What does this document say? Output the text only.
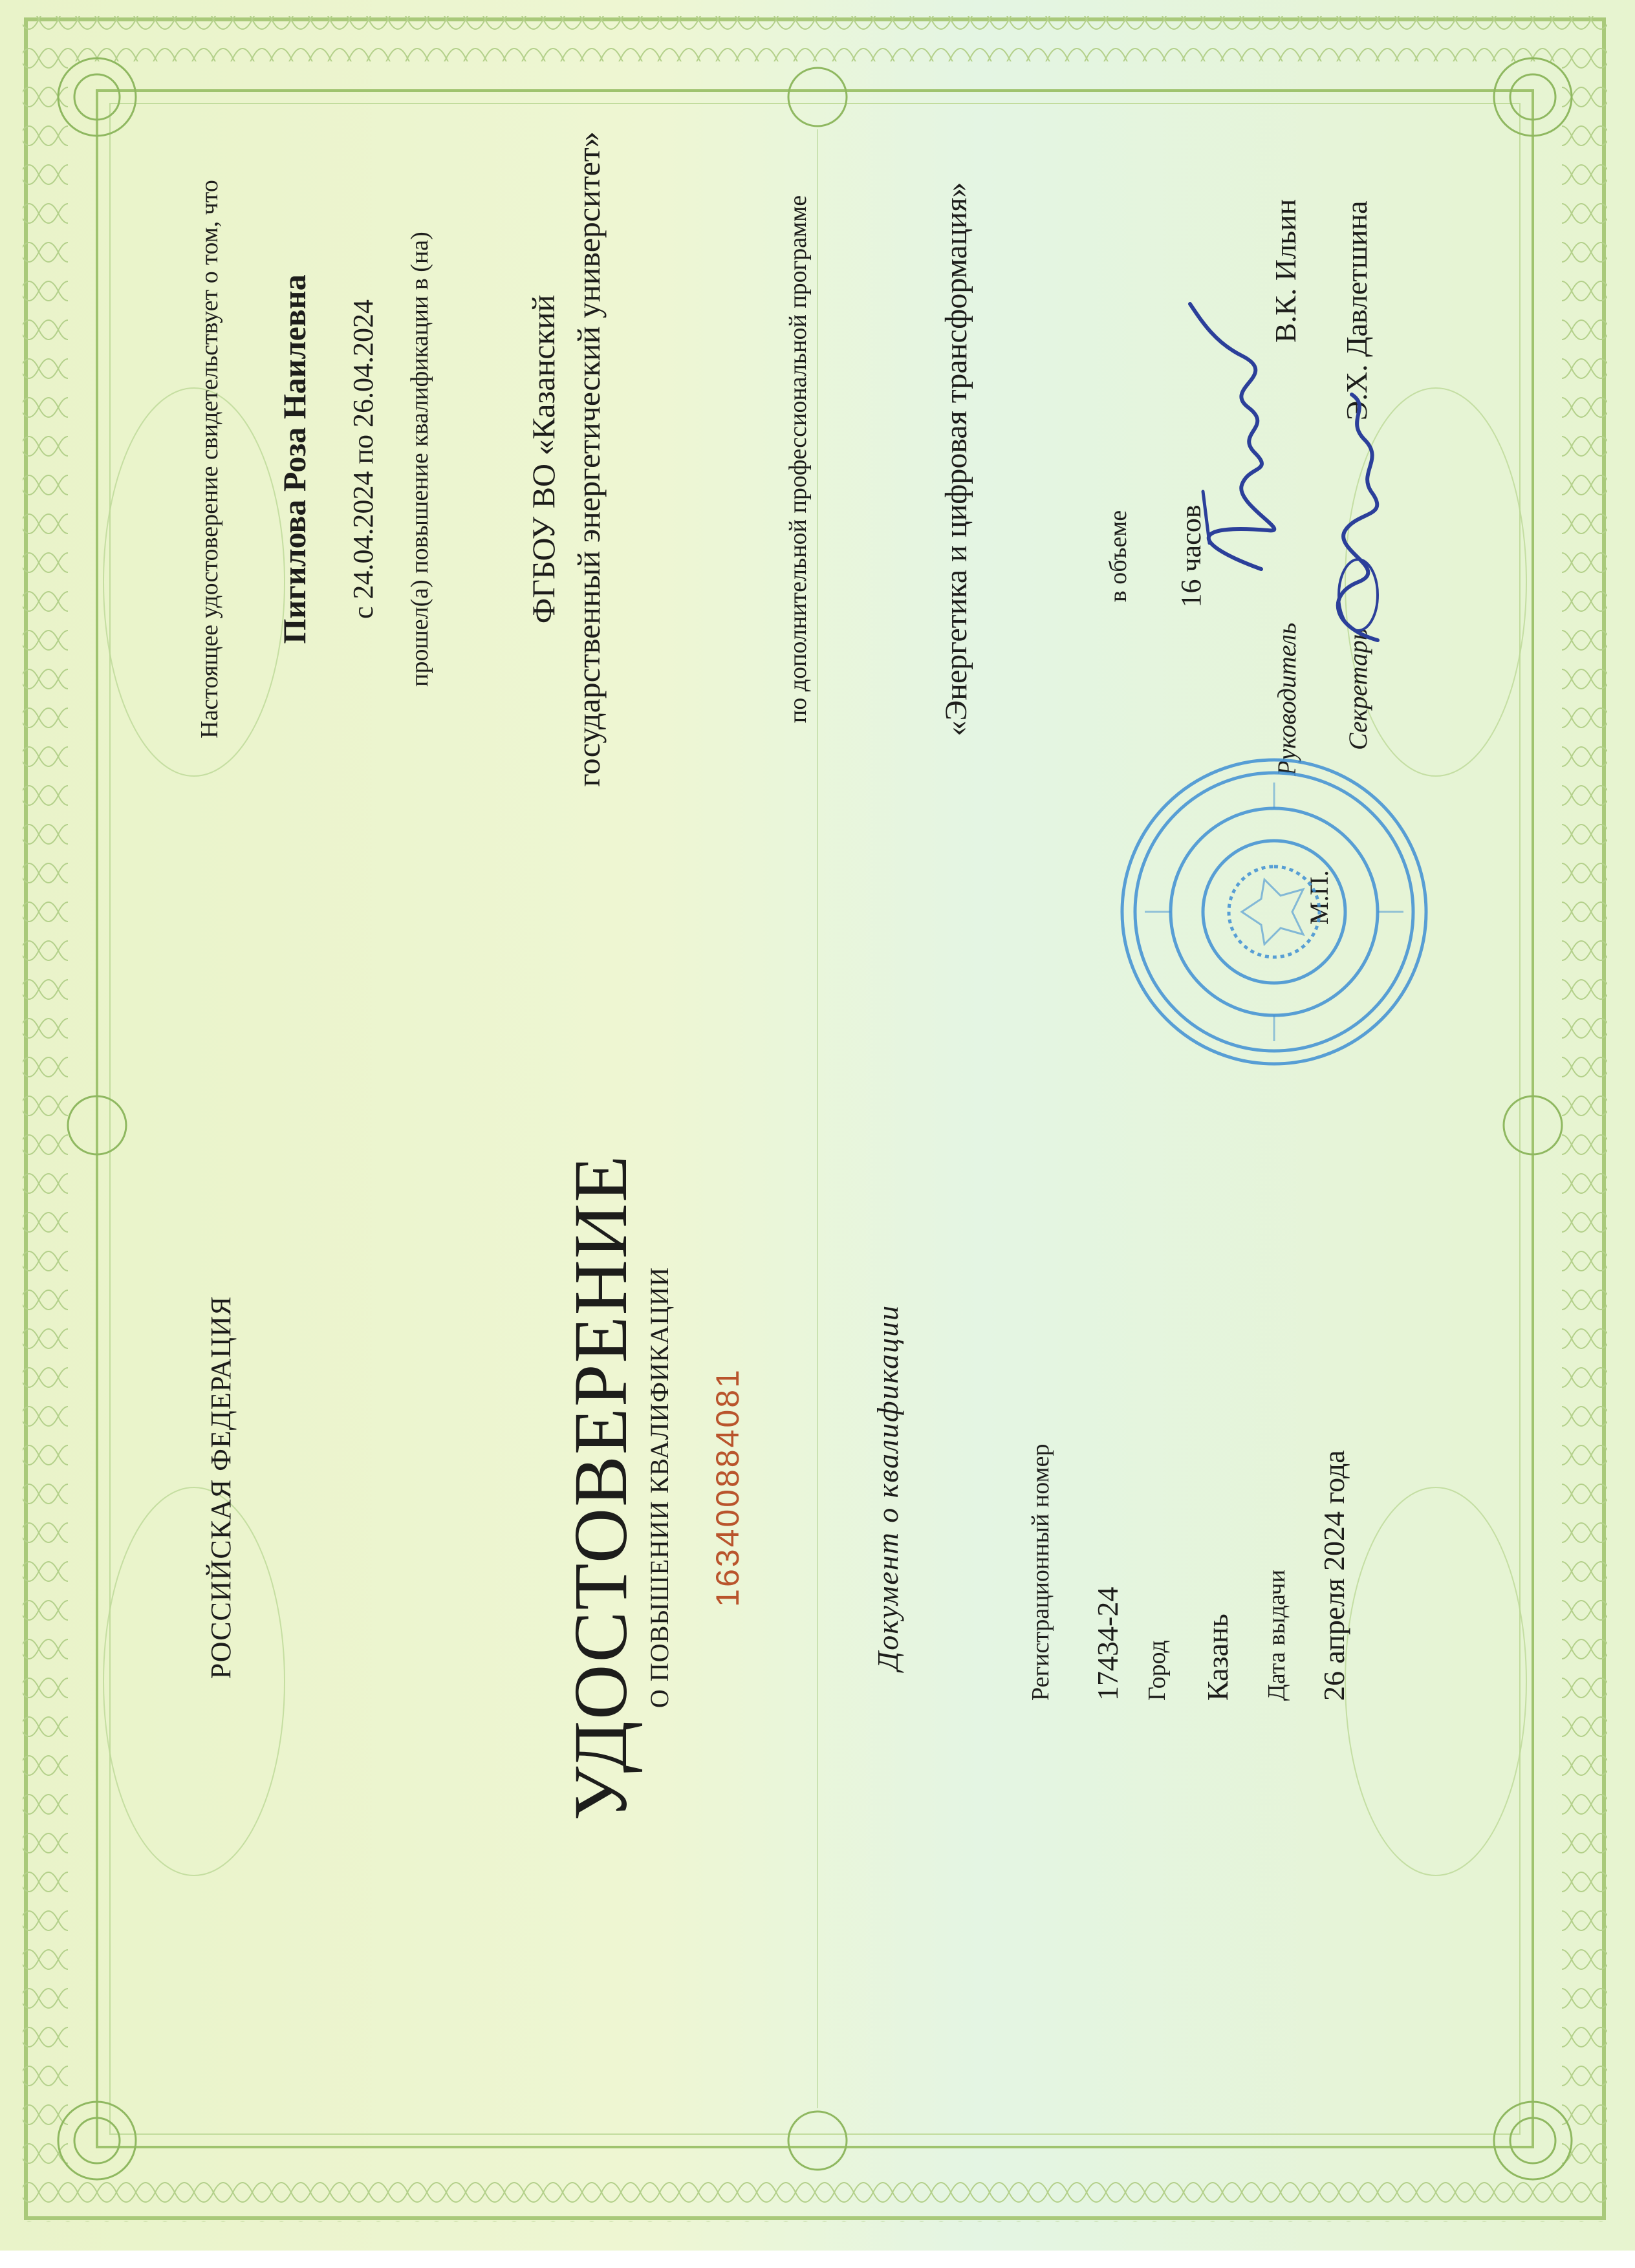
РОССИЙСКАЯ ФЕДЕРАЦИЯ	УДОСТОВЕРЕНИЕ О ПОВЫШЕНИИ КВАЛИФИКАЦИИ 163400884081	Документ о квалификации	Регистрационный номер 17434-24 Город Казань Дата выдачи 26 апреля 2024 года
Настоящее удостоверение свидетельствует о том, что Пигилова Роза Наилевна с 24.04.2024 по 26.04.2024 прошел(а) повышение квалификации в (на)	ФГБОУ ВО «Казанский государственный энергетический университет»	по дополнительной профессиональной программе	«Энергетика и цифровая трансформация»	в объеме 16 часов
Руководитель
В.К. Ильин
Секретарь
Э.Х. Давлетшина
М.П.
